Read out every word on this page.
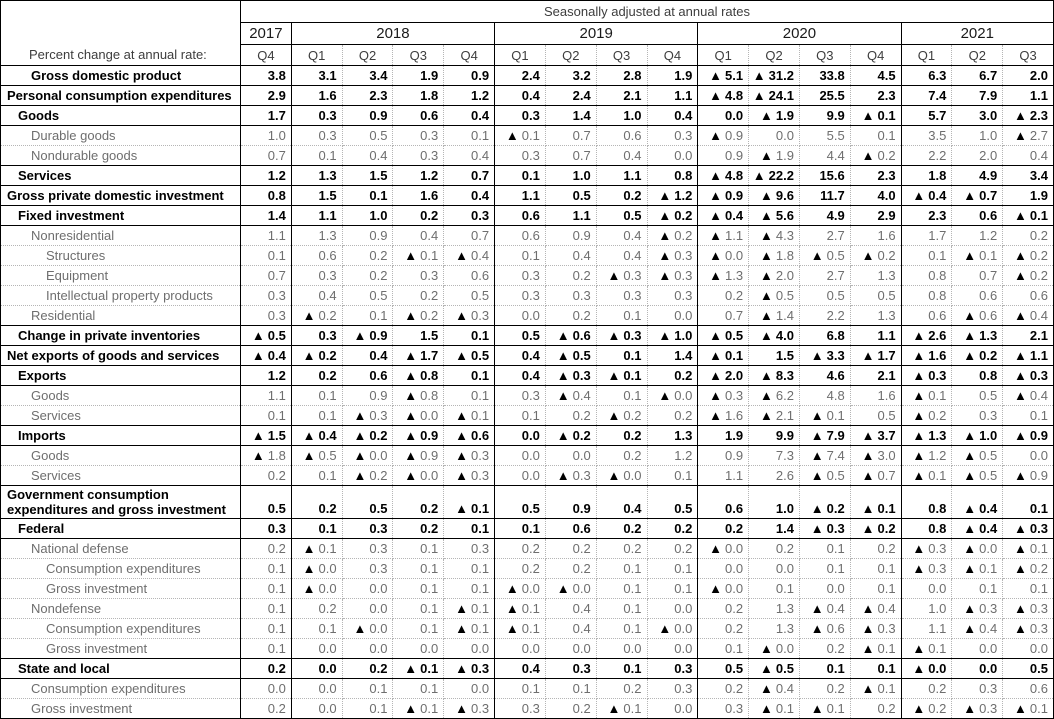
Percent change at annual rate:	Seasonally adjusted at annual rates															
	2017	2018				2019				2020				2021		
	Q4	Q1	Q2	Q3	Q4	Q1	Q2	Q3	Q4	Q1	Q2	Q3	Q4	Q1	Q2	Q3
Gross domestic product	3.8	3.1	3.4	1.9	0.9	2.4	3.2	2.8	1.9	▲ 5.1	▲ 31.2	33.8	4.5	6.3	6.7	2.0
Personal consumption expenditures	2.9	1.6	2.3	1.8	1.2	0.4	2.4	2.1	1.1	▲ 4.8	▲ 24.1	25.5	2.3	7.4	7.9	1.1
Goods	1.7	0.3	0.9	0.6	0.4	0.3	1.4	1.0	0.4	0.0	▲ 1.9	9.9	▲ 0.1	5.7	3.0	▲ 2.3
Durable goods	1.0	0.3	0.5	0.3	0.1	▲ 0.1	0.7	0.6	0.3	▲ 0.9	0.0	5.5	0.1	3.5	1.0	▲ 2.7
Nondurable goods	0.7	0.1	0.4	0.3	0.4	0.3	0.7	0.4	0.0	0.9	▲ 1.9	4.4	▲ 0.2	2.2	2.0	0.4
Services	1.2	1.3	1.5	1.2	0.7	0.1	1.0	1.1	0.8	▲ 4.8	▲ 22.2	15.6	2.3	1.8	4.9	3.4
Gross private domestic investment	0.8	1.5	0.1	1.6	0.4	1.1	0.5	0.2	▲ 1.2	▲ 0.9	▲ 9.6	11.7	4.0	▲ 0.4	▲ 0.7	1.9
Fixed investment	1.4	1.1	1.0	0.2	0.3	0.6	1.1	0.5	▲ 0.2	▲ 0.4	▲ 5.6	4.9	2.9	2.3	0.6	▲ 0.1
Nonresidential	1.1	1.3	0.9	0.4	0.7	0.6	0.9	0.4	▲ 0.2	▲ 1.1	▲ 4.3	2.7	1.6	1.7	1.2	0.2
Structures	0.1	0.6	0.2	▲ 0.1	▲ 0.4	0.1	0.4	0.4	▲ 0.3	▲ 0.0	▲ 1.8	▲ 0.5	▲ 0.2	0.1	▲ 0.1	▲ 0.2
Equipment	0.7	0.3	0.2	0.3	0.6	0.3	0.2	▲ 0.3	▲ 0.3	▲ 1.3	▲ 2.0	2.7	1.3	0.8	0.7	▲ 0.2
Intellectual property products	0.3	0.4	0.5	0.2	0.5	0.3	0.3	0.3	0.3	0.2	▲ 0.5	0.5	0.5	0.8	0.6	0.6
Residential	0.3	▲ 0.2	0.1	▲ 0.2	▲ 0.3	0.0	0.2	0.1	0.0	0.7	▲ 1.4	2.2	1.3	0.6	▲ 0.6	▲ 0.4
Change in private inventories	▲ 0.5	0.3	▲ 0.9	1.5	0.1	0.5	▲ 0.6	▲ 0.3	▲ 1.0	▲ 0.5	▲ 4.0	6.8	1.1	▲ 2.6	▲ 1.3	2.1
Net exports of goods and services	▲ 0.4	▲ 0.2	0.4	▲ 1.7	▲ 0.5	0.4	▲ 0.5	0.1	1.4	▲ 0.1	1.5	▲ 3.3	▲ 1.7	▲ 1.6	▲ 0.2	▲ 1.1
Exports	1.2	0.2	0.6	▲ 0.8	0.1	0.4	▲ 0.3	▲ 0.1	0.2	▲ 2.0	▲ 8.3	4.6	2.1	▲ 0.3	0.8	▲ 0.3
Goods	1.1	0.1	0.9	▲ 0.8	0.1	0.3	▲ 0.4	0.1	▲ 0.0	▲ 0.3	▲ 6.2	4.8	1.6	▲ 0.1	0.5	▲ 0.4
Services	0.1	0.1	▲ 0.3	▲ 0.0	▲ 0.1	0.1	0.2	▲ 0.2	0.2	▲ 1.6	▲ 2.1	▲ 0.1	0.5	▲ 0.2	0.3	0.1
Imports	▲ 1.5	▲ 0.4	▲ 0.2	▲ 0.9	▲ 0.6	0.0	▲ 0.2	0.2	1.3	1.9	9.9	▲ 7.9	▲ 3.7	▲ 1.3	▲ 1.0	▲ 0.9
Goods	▲ 1.8	▲ 0.5	▲ 0.0	▲ 0.9	▲ 0.3	0.0	0.0	0.2	1.2	0.9	7.3	▲ 7.4	▲ 3.0	▲ 1.2	▲ 0.5	0.0
Services	0.2	0.1	▲ 0.2	▲ 0.0	▲ 0.3	0.0	▲ 0.3	▲ 0.0	0.1	1.1	2.6	▲ 0.5	▲ 0.7	▲ 0.1	▲ 0.5	▲ 0.9
Government consumption
expenditures and gross investment	0.5	0.2	0.5	0.2	▲ 0.1	0.5	0.9	0.4	0.5	0.6	1.0	▲ 0.2	▲ 0.1	0.8	▲ 0.4	0.1
Federal	0.3	0.1	0.3	0.2	0.1	0.1	0.6	0.2	0.2	0.2	1.4	▲ 0.3	▲ 0.2	0.8	▲ 0.4	▲ 0.3
National defense	0.2	▲ 0.1	0.3	0.1	0.3	0.2	0.2	0.2	0.2	▲ 0.0	0.2	0.1	0.2	▲ 0.3	▲ 0.0	▲ 0.1
Consumption expenditures	0.1	▲ 0.0	0.3	0.1	0.1	0.2	0.2	0.1	0.1	0.0	0.0	0.1	0.1	▲ 0.3	▲ 0.1	▲ 0.2
Gross investment	0.1	▲ 0.0	0.0	0.1	0.1	▲ 0.0	▲ 0.0	0.1	0.1	▲ 0.0	0.1	0.0	0.1	0.0	0.1	0.1
Nondefense	0.1	0.2	0.0	0.1	▲ 0.1	▲ 0.1	0.4	0.1	0.0	0.2	1.3	▲ 0.4	▲ 0.4	1.0	▲ 0.3	▲ 0.3
Consumption expenditures	0.1	0.1	▲ 0.0	0.1	▲ 0.1	▲ 0.1	0.4	0.1	▲ 0.0	0.2	1.3	▲ 0.6	▲ 0.3	1.1	▲ 0.4	▲ 0.3
Gross investment	0.1	0.0	0.0	0.0	0.0	0.0	0.0	0.0	0.0	0.1	▲ 0.0	0.2	▲ 0.1	▲ 0.1	0.0	0.0
State and local	0.2	0.0	0.2	▲ 0.1	▲ 0.3	0.4	0.3	0.1	0.3	0.5	▲ 0.5	0.1	0.1	▲ 0.0	0.0	0.5
Consumption expenditures	0.0	0.0	0.1	0.1	0.0	0.1	0.1	0.2	0.3	0.2	▲ 0.4	0.2	▲ 0.1	0.2	0.3	0.6
Gross investment	0.2	0.0	0.1	▲ 0.1	▲ 0.3	0.3	0.2	▲ 0.1	0.0	0.3	▲ 0.1	▲ 0.1	0.2	▲ 0.2	▲ 0.3	▲ 0.1
